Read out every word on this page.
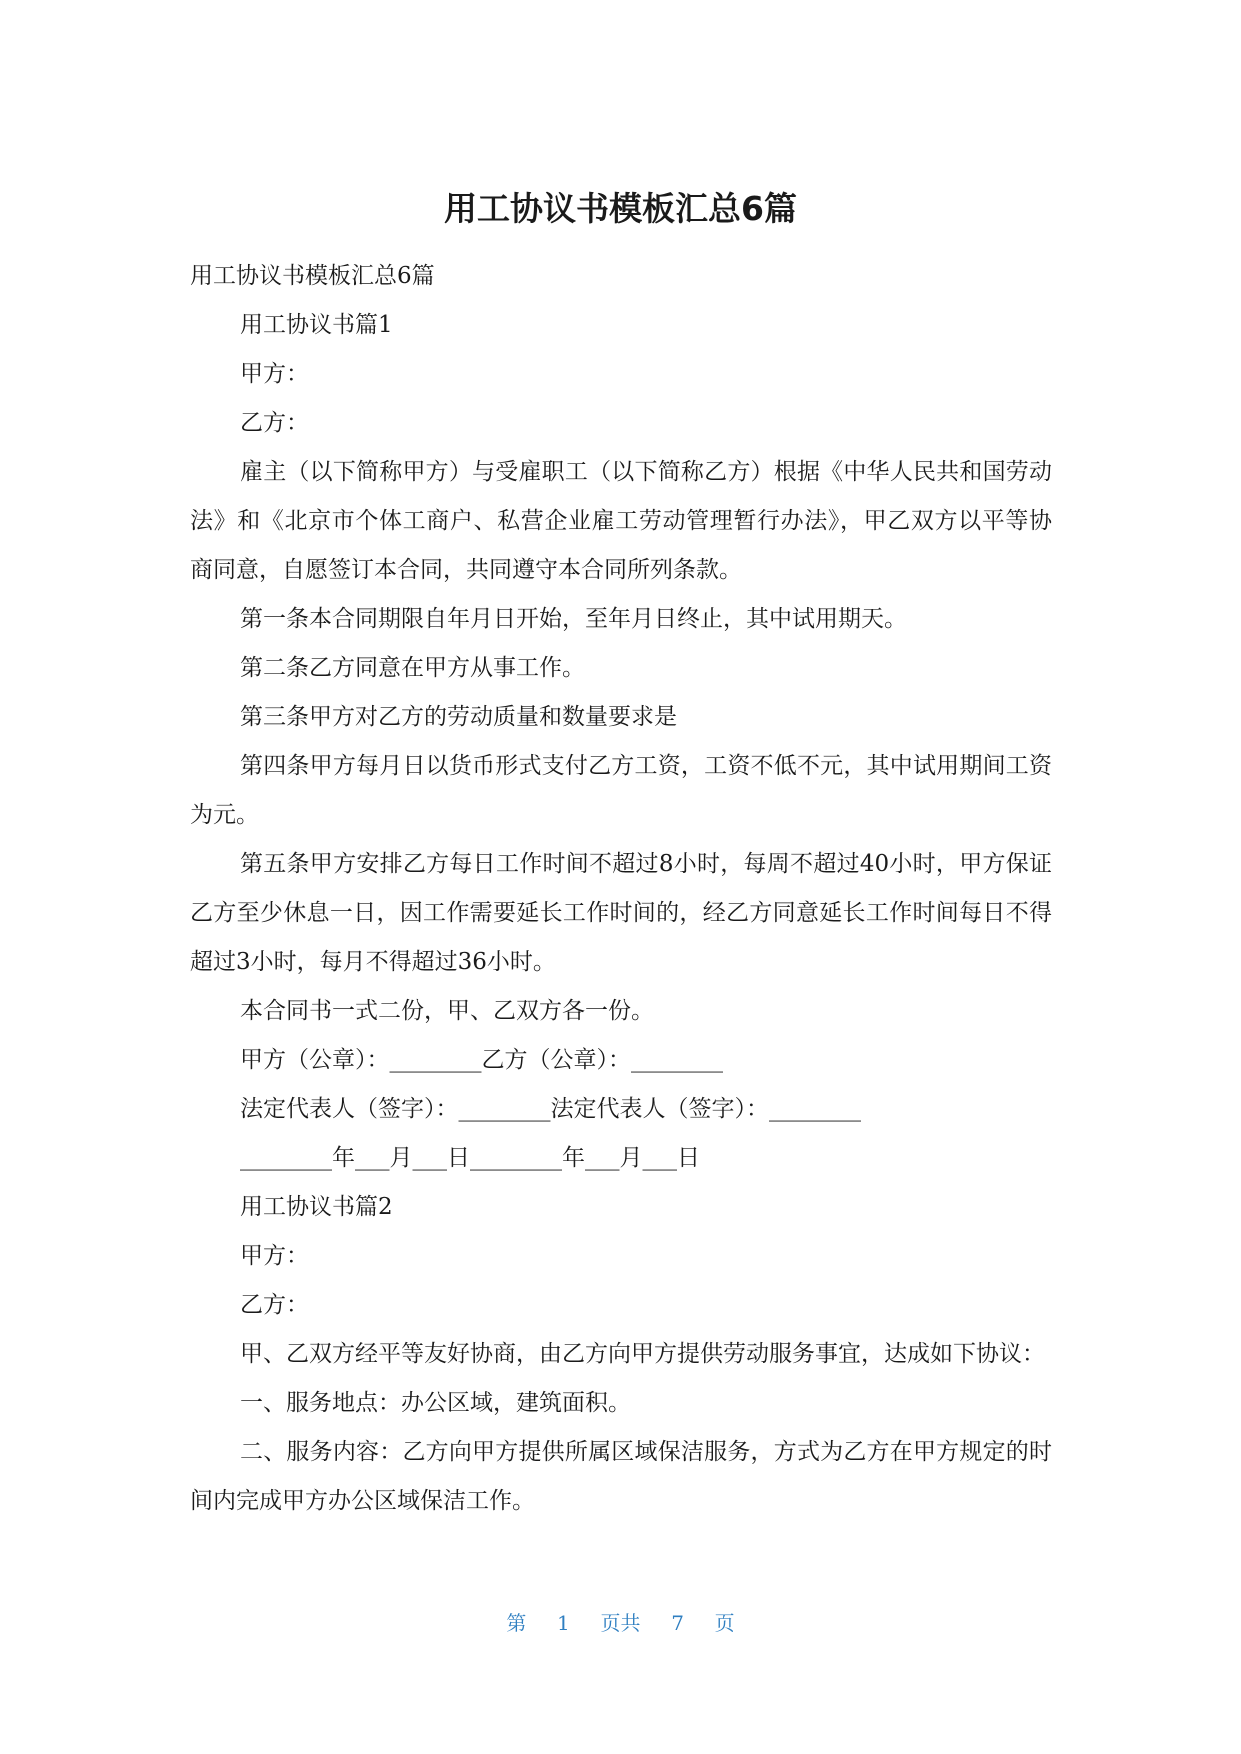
用工协议书模板汇总6篇

用工协议书模板汇总6篇

用工协议书篇1

甲方：

乙方：

雇主（以下简称甲方）与受雇职工（以下简称乙方）根据《中华人民共和国劳动法》和《北京市个体工商户、私营企业雇工劳动管理暂行办法》，甲乙双方以平等协商同意，自愿签订本合同，共同遵守本合同所列条款。

第一条本合同期限自年月日开始，至年月日终止，其中试用期天。

第二条乙方同意在甲方从事工作。

第三条甲方对乙方的劳动质量和数量要求是

第四条甲方每月日以货币形式支付乙方工资，工资不低不元，其中试用期间工资为元。

第五条甲方安排乙方每日工作时间不超过8小时，每周不超过40小时，甲方保证乙方至少休息一日，因工作需要延长工作时间的，经乙方同意延长工作时间每日不得超过3小时，每月不得超过36小时。

本合同书一式二份，甲、乙双方各一份。

甲方（公章）：________乙方（公章）：________

法定代表人（签字）：________法定代表人（签字）：________

________年___月___日________年___月___日

用工协议书篇2

甲方：

乙方：

甲、乙双方经平等友好协商，由乙方向甲方提供劳动服务事宜，达成如下协议：

一、服务地点：办公区域，建筑面积。

二、服务内容：乙方向甲方提供所属区域保洁服务，方式为乙方在甲方规定的时间内完成甲方办公区域保洁工作。

第 1 页共 7 页
